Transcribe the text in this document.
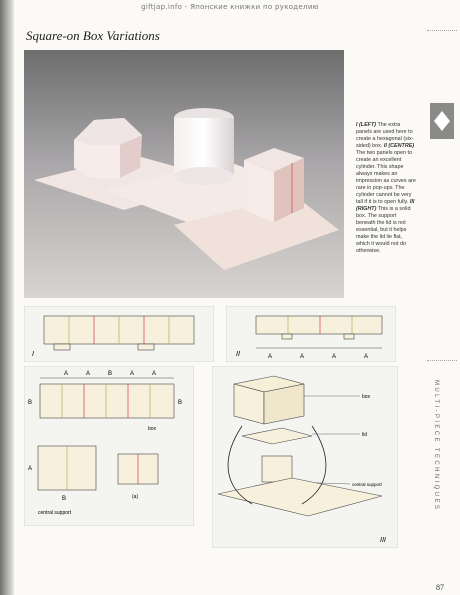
giftjap.info - Японские книжки по рукоделию
Square-on Box Variations
I (LEFT) The extra panels are used here to create a hexagonal (six-sided) box. II (CENTRE) The two panels open to create an excellent cylinder. This shape always makes an impression as curves are rare in pop-ups. The cylinder cannot be very tall if it is to open fully. III (RIGHT) This is a solid box. The support beneath the lid is not essential, but it helps make the lid lie flat, which it would not do otherwise.
I	A	A	A	A
II
A	A	B	A	A
B	B
box
A
B
central support
(a)
box
lid
central support
III
MULTI-PIECE TECHNIQUES
87
